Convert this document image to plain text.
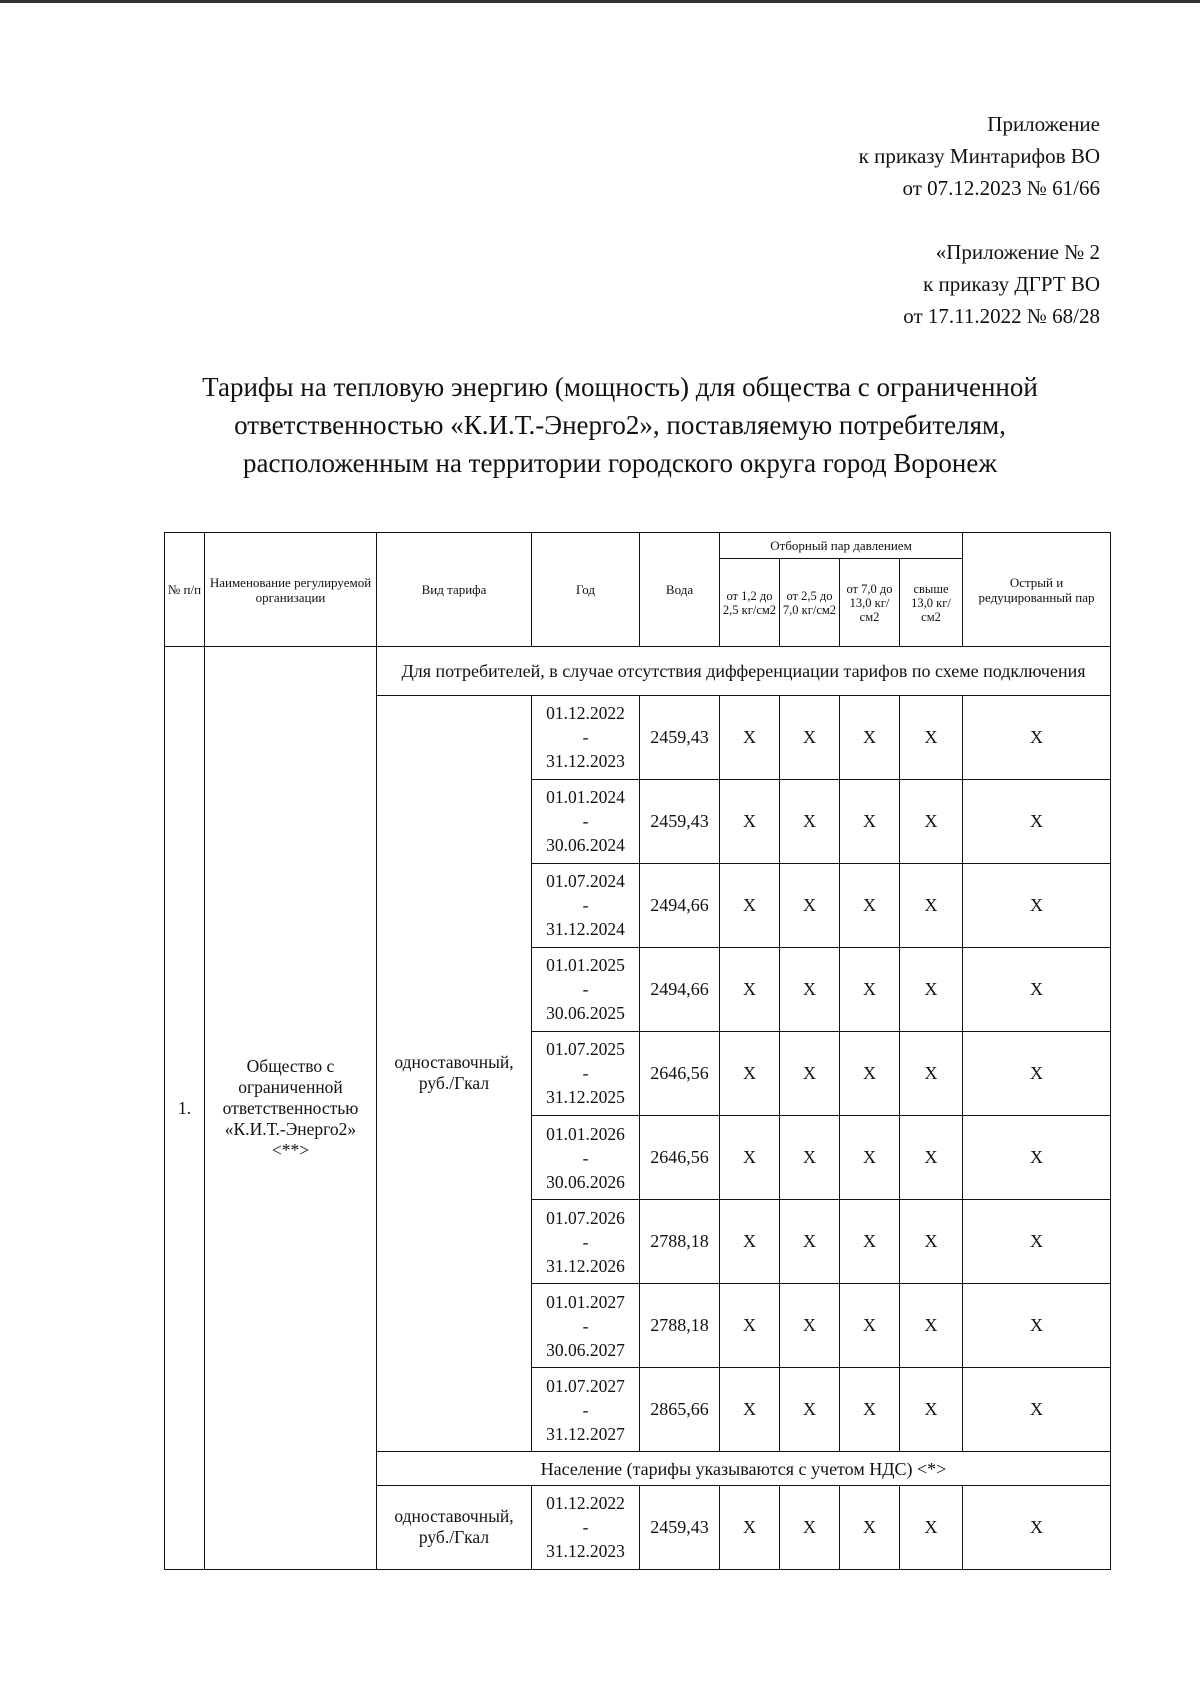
Приложение
к приказу Минтарифов ВО
от 07.12.2023 № 61/66
«Приложение № 2
к приказу ДГРТ ВО
от 17.11.2022 № 68/28
Тарифы на тепловую энергию (мощность) для общества с ограниченной
ответственностью «К.И.Т.-Энерго2», поставляемую потребителям,
расположенным на территории городского округа город Воронеж
№ п/п	Наименование регулируемой организации	Вид тарифа	Год	Вода	Отборный пар давлением				Острый и редуцированный пар
					от 1,2 до 2,5 кг/см2	от 2,5 до 7,0 кг/см2	от 7,0 до 13,0 кг/см2	свыше 13,0 кг/см2	
1.	Общество с ограниченной ответственностью «К.И.Т.-Энерго2» <**>	Для потребителей, в случае отсутствия дифференциации тарифов по схеме подключения							
		одноставочный, руб./Гкал	01.12.2022
-
31.12.2023	2459,43	X	X	X	X	X

			01.01.2024
-
30.06.2024	2459,43	X	X	X	X	X

			01.07.2024
-
31.12.2024	2494,66	X	X	X	X	X

			01.01.2025
-
30.06.2025	2494,66	X	X	X	X	X

			01.07.2025
-
31.12.2025	2646,56	X	X	X	X	X

			01.01.2026
-
30.06.2026	2646,56	X	X	X	X	X

			01.07.2026
-
31.12.2026	2788,18	X	X	X	X	X

			01.01.2027
-
30.06.2027	2788,18	X	X	X	X	X

			01.07.2027
-
31.12.2027	2865,66	X	X	X	X	X
		Население (тарифы указываются с учетом НДС) <*>							
		одноставочный, руб./Гкал	01.12.2022
-
31.12.2023	2459,43	X	X	X	X	X
